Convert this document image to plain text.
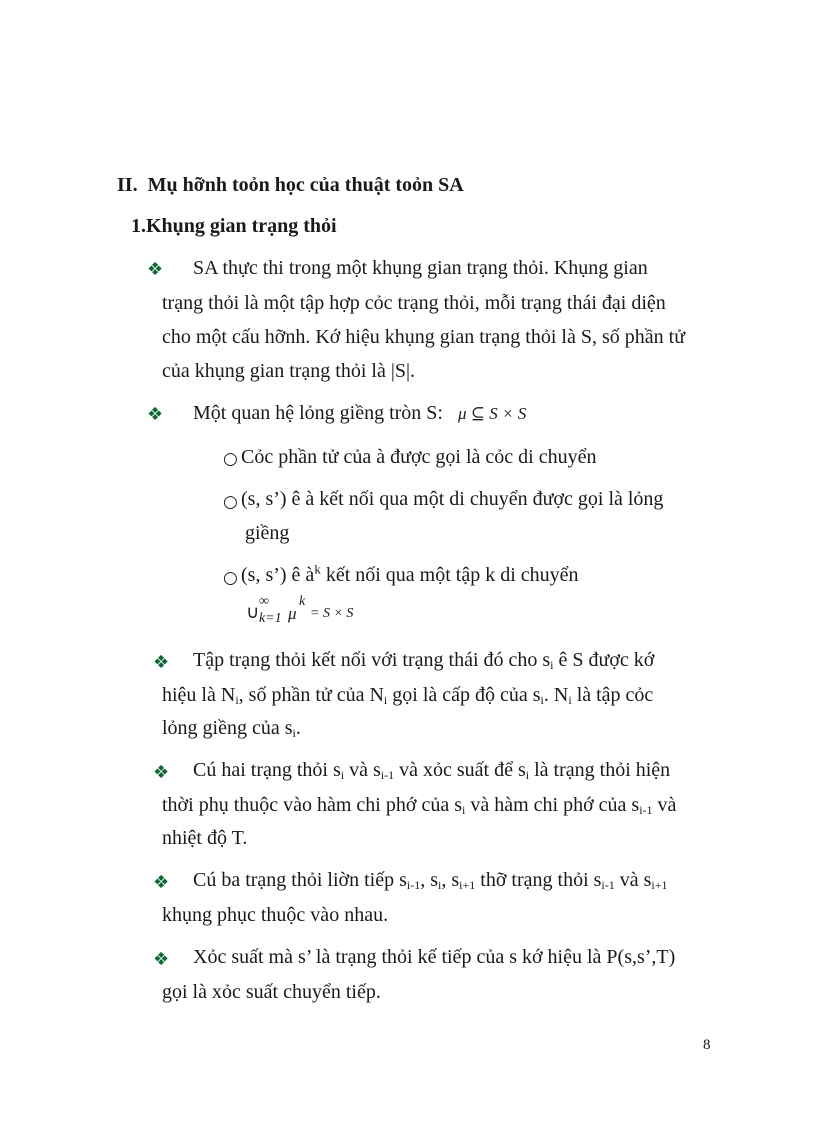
II. Mụ hỡnh toỏn học của thuật toỏn SA
1.Khụng gian trạng thỏi
❖ SA thực thi trong một khụng gian trạng thỏi. Khụng gian
trạng thỏi là một tập hợp cỏc trạng thỏi, mỗi trạng thái đại diện
cho một cấu hỡnh. Kớ hiệu khụng gian trạng thỏi là S, số phần tử
của khụng gian trạng thỏi là |S|.
❖ Một quan hệ lỏng giềng tròn S: μ ⊆ S × S
○ Cỏc phần tử của à được gọi là cỏc di chuyển
○ (s, s’) ê à kết nối qua một di chuyển được gọi là lỏng
giềng
○ (s, s’) ê $à^k$ kết nối qua một tập k di chuyển
∪
∞
k=1 μ
k
= S × S
❖ Tập trạng thỏi kết nối với trạng thái đó cho $s_i$ ê S được kớ
hiệu là $N_i$, số phần tử của $N_i$ gọi là cấp độ của $s_i$. $N_i$ là tập cỏc
lỏng giềng của $s_i$.
❖ Cú hai trạng thỏi $s_i$ và $s_{i-1}$ và xỏc suất để $s_i$ là trạng thỏi hiện
thời phụ thuộc vào hàm chi phớ của $s_i$ và hàm chi phớ của $s_{i-1}$ và
nhiệt độ T.
❖ Cú ba trạng thỏi liờn tiếp $s_{i-1}$, $s_i$, $s_{i+1}$ thỡ trạng thỏi $s_{i-1}$ và $s_{i+1}$
khụng phục thuộc vào nhau.
❖ Xỏc suất mà s’ là trạng thỏi kế tiếp của s kớ hiệu là P(s,s’,T)
gọi là xỏc suất chuyển tiếp.
8
